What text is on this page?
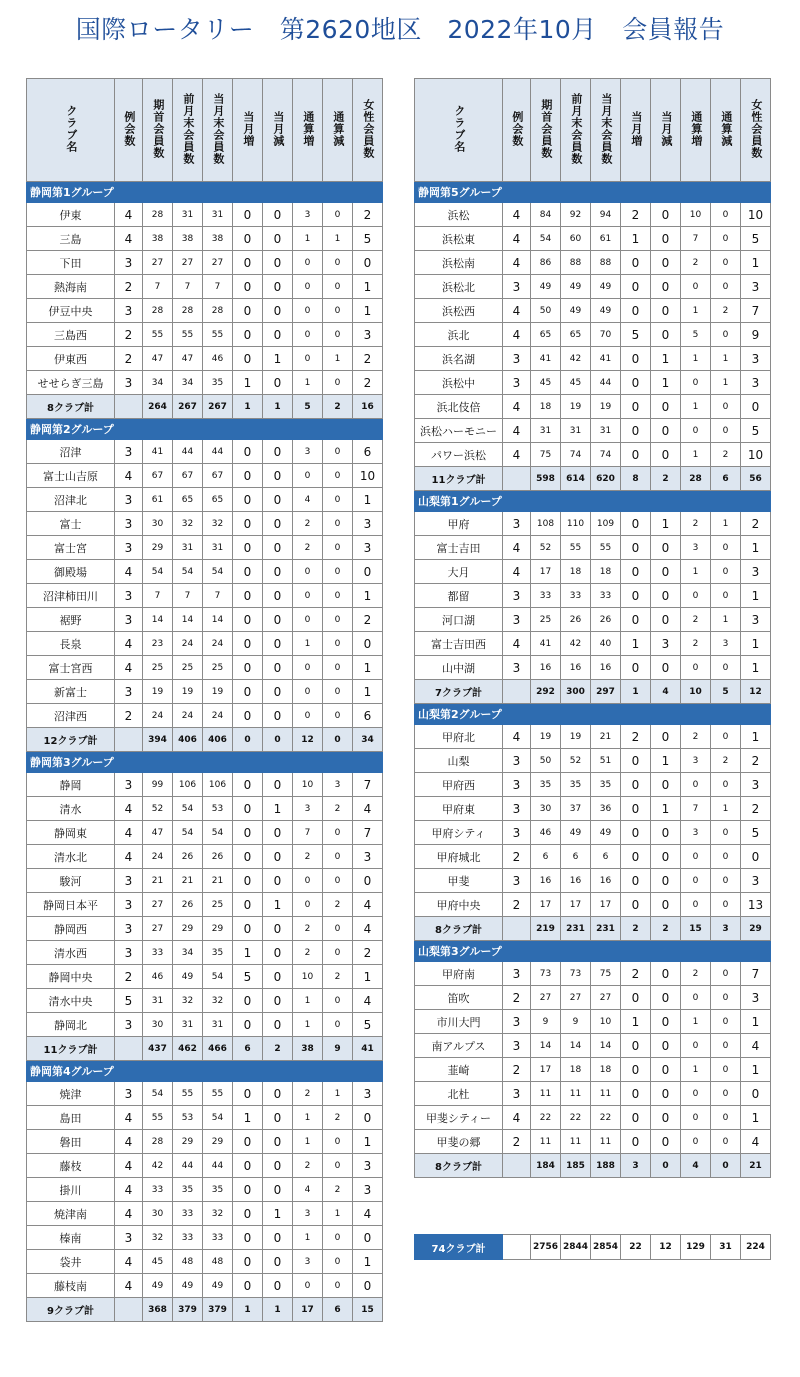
国際ロータリー　第2620地区　2022年10月　会員報告
クラブ名	例会数	期首会員数	前月末会員数	当月末会員数	当月増	当月減	通算増	通算減	女性会員数
静岡第1グループ									
伊東	4	28	31	31	0	0	3	0	2
三島	4	38	38	38	0	0	1	1	5
下田	3	27	27	27	0	0	0	0	0
熱海南	2	7	7	7	0	0	0	0	1
伊豆中央	3	28	28	28	0	0	0	0	1
三島西	2	55	55	55	0	0	0	0	3
伊東西	2	47	47	46	0	1	0	1	2
せせらぎ三島	3	34	34	35	1	0	1	0	2
8クラブ計		264	267	267	1	1	5	2	16
静岡第2グループ									
沼津	3	41	44	44	0	0	3	0	6
富士山吉原	4	67	67	67	0	0	0	0	10
沼津北	3	61	65	65	0	0	4	0	1
富士	3	30	32	32	0	0	2	0	3
富士宮	3	29	31	31	0	0	2	0	3
御殿場	4	54	54	54	0	0	0	0	0
沼津柿田川	3	7	7	7	0	0	0	0	1
裾野	3	14	14	14	0	0	0	0	2
長泉	4	23	24	24	0	0	1	0	0
富士宮西	4	25	25	25	0	0	0	0	1
新富士	3	19	19	19	0	0	0	0	1
沼津西	2	24	24	24	0	0	0	0	6
12クラブ計		394	406	406	0	0	12	0	34
静岡第3グループ									
静岡	3	99	106	106	0	0	10	3	7
清水	4	52	54	53	0	1	3	2	4
静岡東	4	47	54	54	0	0	7	0	7
清水北	4	24	26	26	0	0	2	0	3
駿河	3	21	21	21	0	0	0	0	0
静岡日本平	3	27	26	25	0	1	0	2	4
静岡西	3	27	29	29	0	0	2	0	4
清水西	3	33	34	35	1	0	2	0	2
静岡中央	2	46	49	54	5	0	10	2	1
清水中央	5	31	32	32	0	0	1	0	4
静岡北	3	30	31	31	0	0	1	0	5
11クラブ計		437	462	466	6	2	38	9	41
静岡第4グループ									
焼津	3	54	55	55	0	0	2	1	3
島田	4	55	53	54	1	0	1	2	0
磐田	4	28	29	29	0	0	1	0	1
藤枝	4	42	44	44	0	0	2	0	3
掛川	4	33	35	35	0	0	4	2	3
焼津南	4	30	33	32	0	1	3	1	4
榛南	3	32	33	33	0	0	1	0	0
袋井	4	45	48	48	0	0	3	0	1
藤枝南	4	49	49	49	0	0	0	0	0
9クラブ計		368	379	379	1	1	17	6	15
クラブ名	例会数	期首会員数	前月末会員数	当月末会員数	当月増	当月減	通算増	通算減	女性会員数
静岡第5グループ									
浜松	4	84	92	94	2	0	10	0	10
浜松東	4	54	60	61	1	0	7	0	5
浜松南	4	86	88	88	0	0	2	0	1
浜松北	3	49	49	49	0	0	0	0	3
浜松西	4	50	49	49	0	0	1	2	7
浜北	4	65	65	70	5	0	5	0	9
浜名湖	3	41	42	41	0	1	1	1	3
浜松中	3	45	45	44	0	1	0	1	3
浜北伎倍	4	18	19	19	0	0	1	0	0
浜松ハーモニー	4	31	31	31	0	0	0	0	5
パワー浜松	4	75	74	74	0	0	1	2	10
11クラブ計		598	614	620	8	2	28	6	56
山梨第1グループ									
甲府	3	108	110	109	0	1	2	1	2
富士吉田	4	52	55	55	0	0	3	0	1
大月	4	17	18	18	0	0	1	0	3
都留	3	33	33	33	0	0	0	0	1
河口湖	3	25	26	26	0	0	2	1	3
富士吉田西	4	41	42	40	1	3	2	3	1
山中湖	3	16	16	16	0	0	0	0	1
7クラブ計		292	300	297	1	4	10	5	12
山梨第2グループ									
甲府北	4	19	19	21	2	0	2	0	1
山梨	3	50	52	51	0	1	3	2	2
甲府西	3	35	35	35	0	0	0	0	3
甲府東	3	30	37	36	0	1	7	1	2
甲府シティ	3	46	49	49	0	0	3	0	5
甲府城北	2	6	6	6	0	0	0	0	0
甲斐	3	16	16	16	0	0	0	0	3
甲府中央	2	17	17	17	0	0	0	0	13
8クラブ計		219	231	231	2	2	15	3	29
山梨第3グループ									
甲府南	3	73	73	75	2	0	2	0	7
笛吹	2	27	27	27	0	0	0	0	3
市川大門	3	9	9	10	1	0	1	0	1
南アルプス	3	14	14	14	0	0	0	0	4
韮崎	2	17	18	18	0	0	1	0	1
北杜	3	11	11	11	0	0	0	0	0
甲斐シティー	4	22	22	22	0	0	0	0	1
甲斐の郷	2	11	11	11	0	0	0	0	4
8クラブ計		184	185	188	3	0	4	0	21
74クラブ計		2756	2844	2854	22	12	129	31	224
